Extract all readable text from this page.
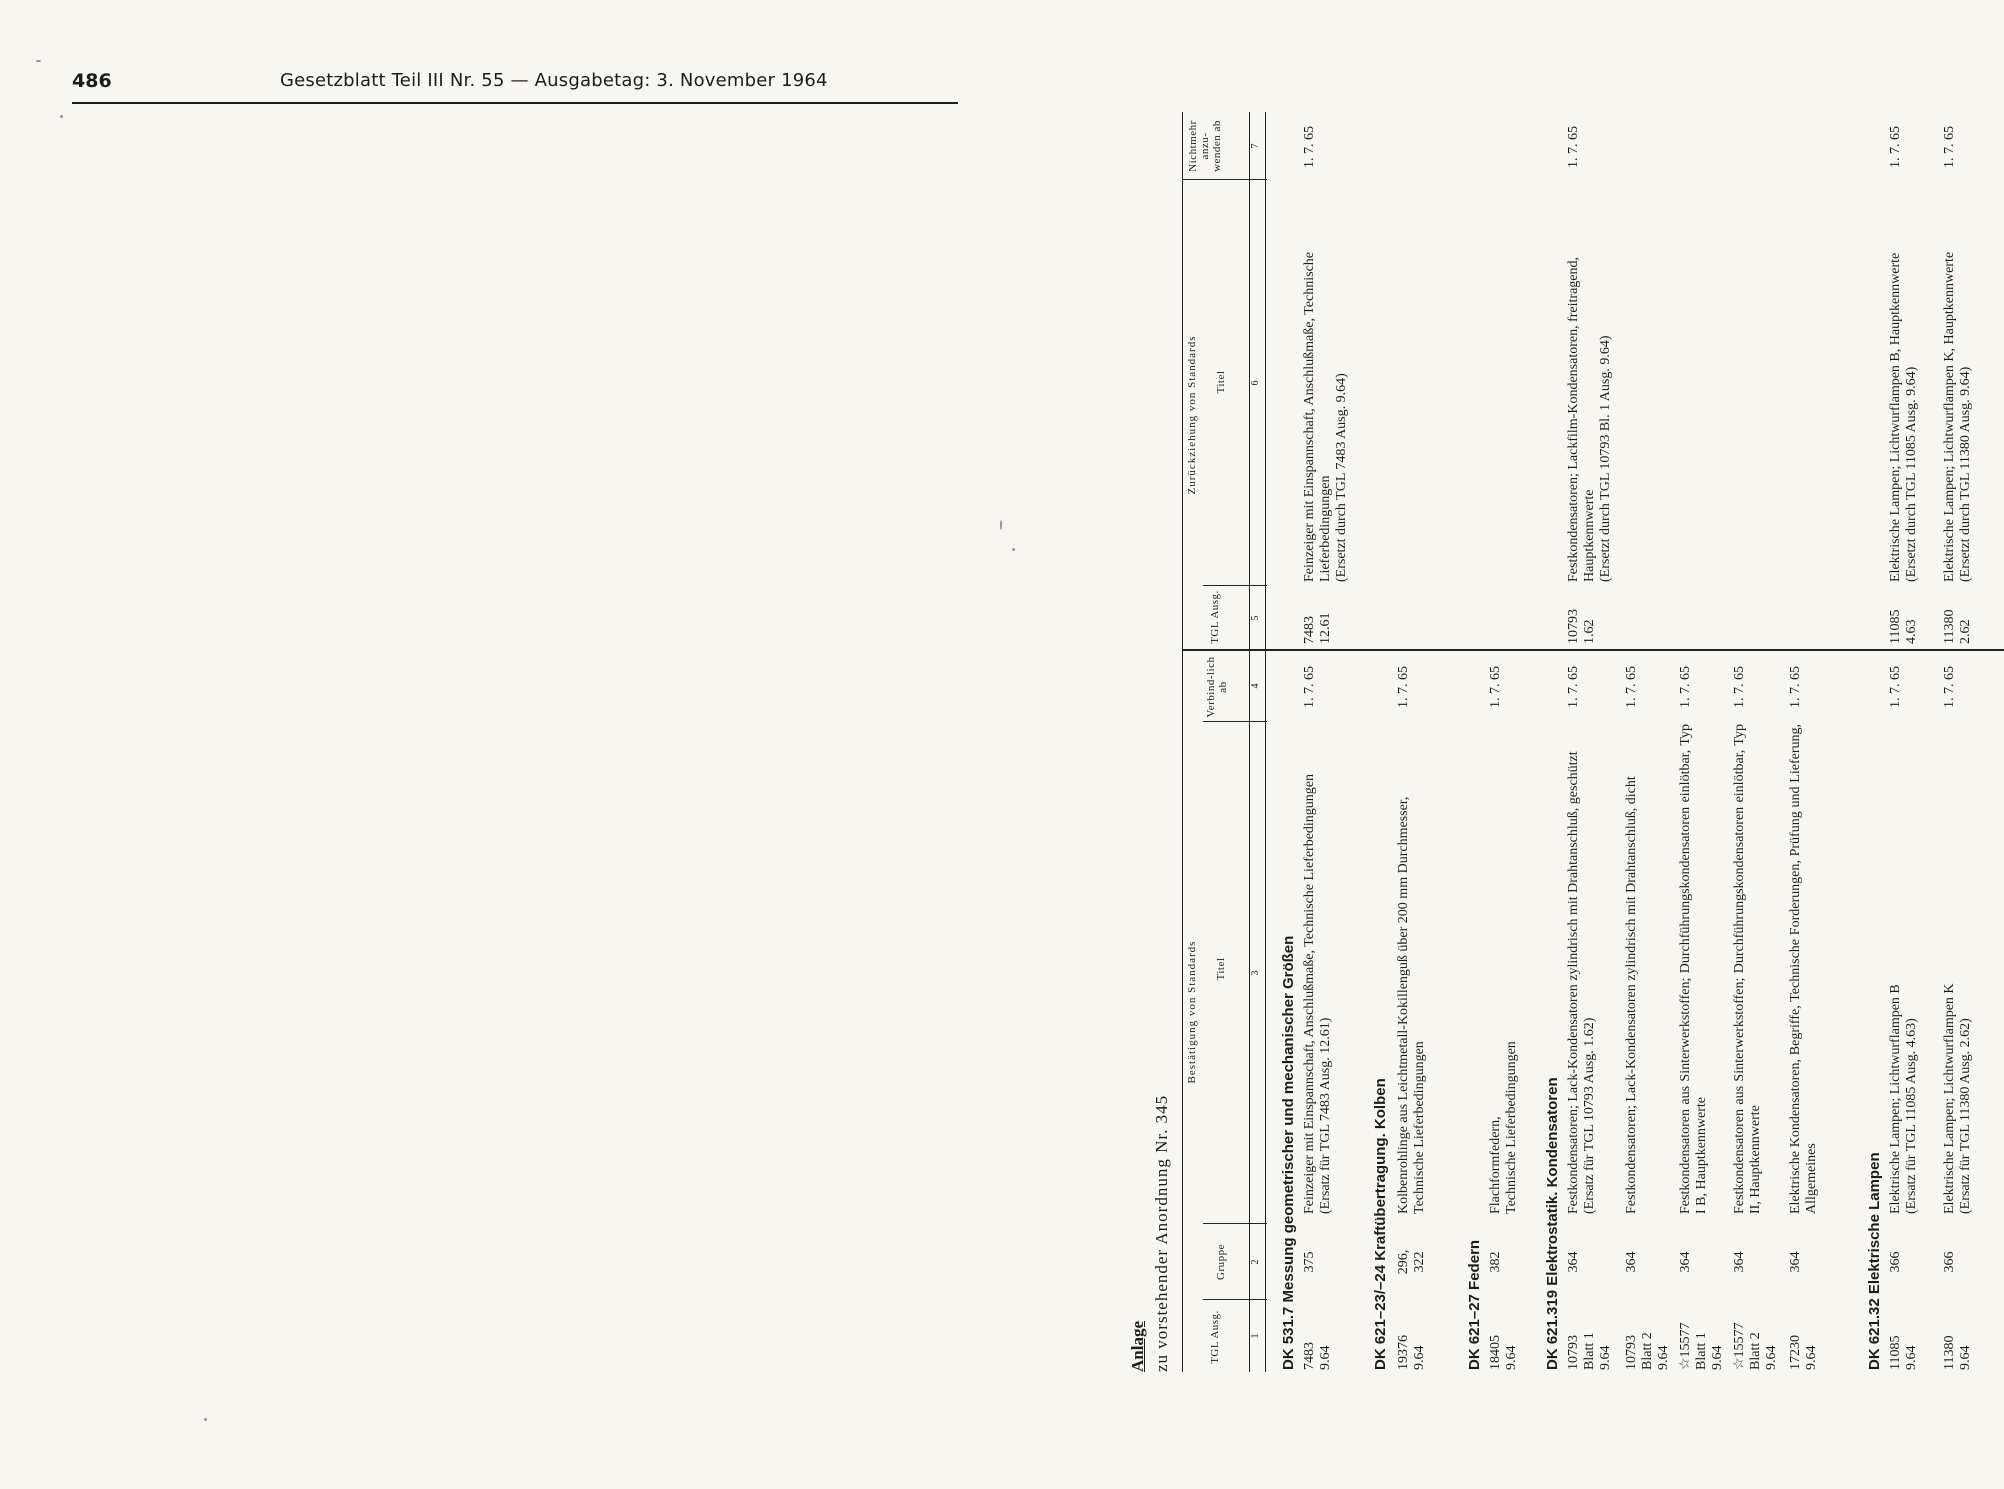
486	Gesetzblatt Teil III Nr. 55 — Ausgabetag: 3. November 1964
Anlage zu vorstehender Anordnung Nr. 345
Bestätigung von Standards
Zurückziehung von Standards
TGL Ausg.
Gruppe
Titel
Verbind-lich ab
TGL Ausg.
Titel
Nichtmehr anzu-wenden ab
1
2
3
4
5
6
7
DK 531.7 Messung geometrischer und mechanischer Größen 7483
9.64
375
Feinzeiger mit Einspannschaft, Anschlußmaße, Technische Lieferbedingungen
(Ersatz für TGL 7483 Ausg. 12.61)
1. 7. 65
7483
12.61
Feinzeiger mit Einspannschaft, Anschlußmaße, Technische Lieferbedingungen
(Ersetzt durch TGL 7483 Ausg. 9.64)
1. 7. 65
DK 621–23/–24 Kraftübertragung. Kolben 19376
9.64
296,
322
Kolbenrohlinge aus Leichtmetall-Kokillenguß über 200 mm Durchmesser,
Technische Lieferbedingungen
1. 7. 65
DK 621–27 Federn 18405
9.64
382
Flachformfedern,
Technische Lieferbedingungen
1. 7. 65
DK 621.319 Elektrostatik. Kondensatoren 10793
Blatt 1
9.64
364
Festkondensatoren; Lack-Kondensatoren zylindrisch mit Drahtanschluß, geschützt
(Ersatz für TGL 10793 Ausg. 1.62)
1. 7. 65
10793
1.62
Festkondensatoren; Lackfilm-Kondensatoren, freitragend, Hauptkennwerte
(Ersetzt durch TGL 10793 Bl. 1 Ausg. 9.64)
1. 7. 65
10793
Blatt 2
9.64
364
Festkondensatoren; Lack-Kondensatoren zylindrisch mit Drahtanschluß, dicht
1. 7. 65
☆15577
Blatt 1
9.64
364
Festkondensatoren aus Sinterwerkstoffen; Durchführungskondensatoren einlötbar, Typ I B, Hauptkennwerte
1. 7. 65
☆15577
Blatt 2
9.64
364
Festkondensatoren aus Sinterwerkstoffen; Durchführungskondensatoren einlötbar, Typ II, Hauptkennwerte
1. 7. 65
17230
9.64
364
Elektrische Kondensatoren, Begriffe, Technische Forderungen, Prüfung und Lieferung, Allgemeines
1. 7. 65
DK 621.32 Elektrische Lampen 11085
9.64
366
Elektrische Lampen; Lichtwurflampen B
(Ersatz für TGL 11085 Ausg. 4.63)
1. 7. 65
11085
4.63
Elektrische Lampen; Lichtwurflampen B, Hauptkennwerte
(Ersetzt durch TGL 11085 Ausg. 9.64)
1. 7. 65
11380
9.64
366
Elektrische Lampen; Lichtwurflampen K
(Ersatz für TGL 11380 Ausg. 2.62)
1. 7. 65
11380
2.62
Elektrische Lampen; Lichtwurflampen K, Hauptkennwerte
(Ersetzt durch TGL 11380 Ausg. 9.64)
1. 7. 65
